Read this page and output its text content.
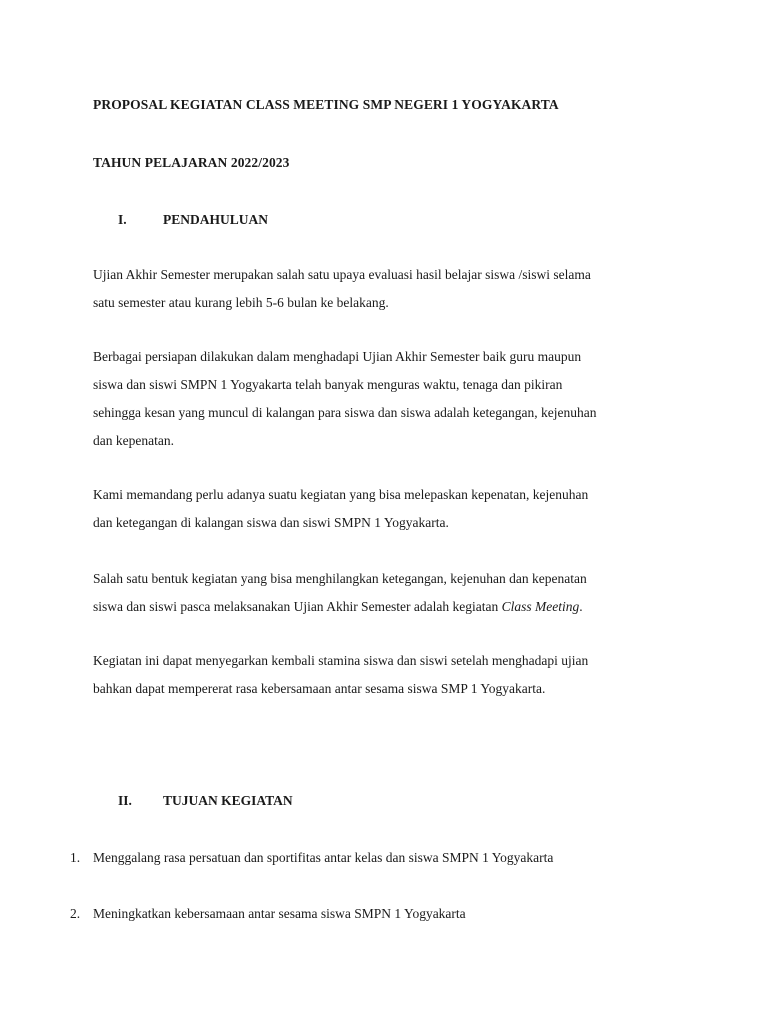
PROPOSAL KEGIATAN CLASS MEETING SMP NEGERI 1 YOGYAKARTA
TAHUN PELAJARAN 2022/2023
I.	PENDAHULUAN
Ujian Akhir Semester merupakan salah satu upaya evaluasi hasil belajar siswa /siswi selama
satu semester atau kurang lebih 5-6 bulan ke belakang.
Berbagai persiapan dilakukan dalam menghadapi Ujian Akhir Semester baik guru maupun
siswa dan siswi SMPN 1 Yogyakarta telah banyak menguras waktu, tenaga dan pikiran
sehingga kesan yang muncul di kalangan para siswa dan siswa adalah ketegangan, kejenuhan
dan kepenatan.
Kami memandang perlu adanya suatu kegiatan yang bisa melepaskan kepenatan, kejenuhan
dan ketegangan di kalangan siswa dan siswi SMPN 1 Yogyakarta.
Salah satu bentuk kegiatan yang bisa menghilangkan ketegangan, kejenuhan dan kepenatan
siswa dan siswi pasca melaksanakan Ujian Akhir Semester adalah kegiatan Class Meeting.
Kegiatan ini dapat menyegarkan kembali stamina siswa dan siswi setelah menghadapi ujian
bahkan dapat mempererat rasa kebersamaan antar sesama siswa SMP 1 Yogyakarta.
II. TUJUAN KEGIATAN
1. Menggalang rasa persatuan dan sportifitas antar kelas dan siswa SMPN 1 Yogyakarta
2. Meningkatkan kebersamaan antar sesama siswa SMPN 1 Yogyakarta
